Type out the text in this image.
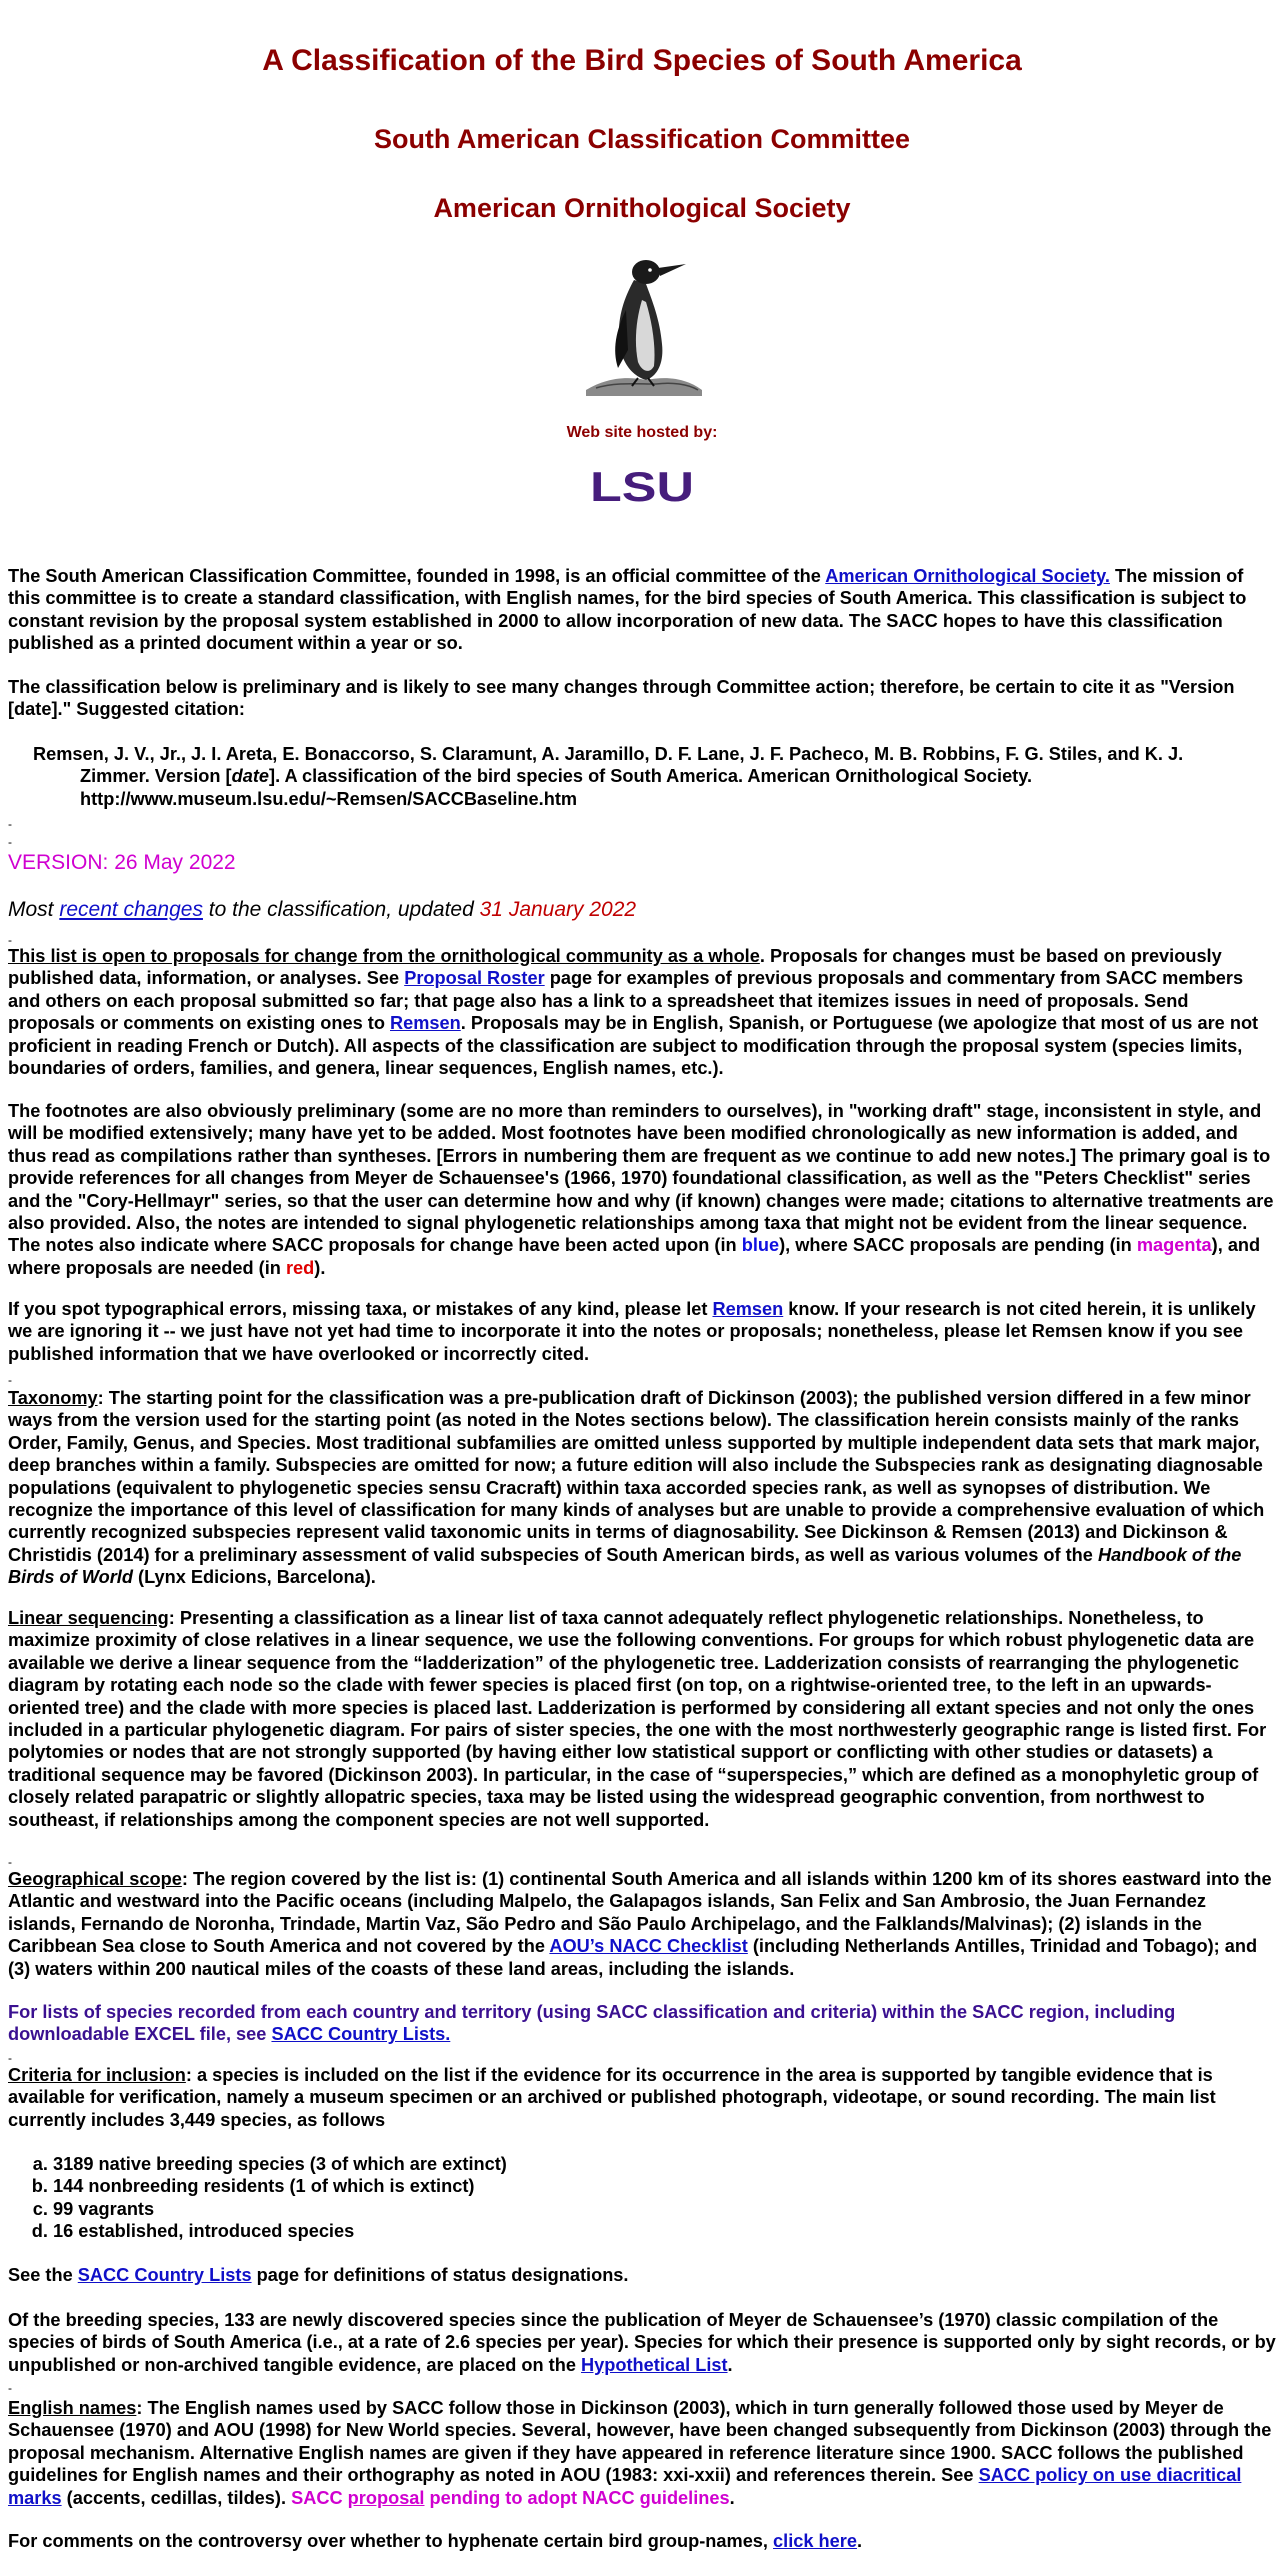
A Classification of the Bird Species of South America
South American Classification Committee
American Ornithological Society
Web site hosted by:
LSU
The South American Classification Committee, founded in 1998, is an official committee of the American Ornithological Society. The mission of this committee is to create a standard classification, with English names, for the bird species of South America. This classification is subject to constant revision by the proposal system established in 2000 to allow incorporation of new data. The SACC hopes to have this classification published as a printed document within a year or so.
The classification below is preliminary and is likely to see many changes through Committee action; therefore, be certain to cite it as "Version [date]." Suggested citation:
Remsen, J. V., Jr., J. I. Areta, E. Bonaccorso, S. Claramunt, A. Jaramillo, D. F. Lane, J. F. Pacheco, M. B. Robbins, F. G. Stiles, and K. J.
Zimmer. Version [date]. A classification of the bird species of South America. American Ornithological Society.
http://www.museum.lsu.edu/~Remsen/SACCBaseline.htm
-
-
VERSION: 26 May 2022
Most recent changes to the classification, updated 31 January 2022
-
This list is open to proposals for change from the ornithological community as a whole. Proposals for changes must be based on previously published data, information, or analyses. See Proposal Roster page for examples of previous proposals and commentary from SACC members and others on each proposal submitted so far; that page also has a link to a spreadsheet that itemizes issues in need of proposals. Send proposals or comments on existing ones to Remsen. Proposals may be in English, Spanish, or Portuguese (we apologize that most of us are not proficient in reading French or Dutch). All aspects of the classification are subject to modification through the proposal system (species limits, boundaries of orders, families, and genera, linear sequences, English names, etc.).
The footnotes are also obviously preliminary (some are no more than reminders to ourselves), in "working draft" stage, inconsistent in style, and will be modified extensively; many have yet to be added. Most footnotes have been modified chronologically as new information is added, and thus read as compilations rather than syntheses. [Errors in numbering them are frequent as we continue to add new notes.] The primary goal is to provide references for all changes from Meyer de Schauensee's (1966, 1970) foundational classification, as well as the "Peters Checklist" series and the "Cory-Hellmayr" series, so that the user can determine how and why (if known) changes were made; citations to alternative treatments are also provided. Also, the notes are intended to signal phylogenetic relationships among taxa that might not be evident from the linear sequence. The notes also indicate where SACC proposals for change have been acted upon (in blue), where SACC proposals are pending (in magenta), and where proposals are needed (in red).
If you spot typographical errors, missing taxa, or mistakes of any kind, please let Remsen know. If your research is not cited herein, it is unlikely we are ignoring it -- we just have not yet had time to incorporate it into the notes or proposals; nonetheless, please let Remsen know if you see published information that we have overlooked or incorrectly cited.
-
Taxonomy: The starting point for the classification was a pre-publication draft of Dickinson (2003); the published version differed in a few minor ways from the version used for the starting point (as noted in the Notes sections below). The classification herein consists mainly of the ranks Order, Family, Genus, and Species. Most traditional subfamilies are omitted unless supported by multiple independent data sets that mark major, deep branches within a family. Subspecies are omitted for now; a future edition will also include the Subspecies rank as designating diagnosable populations (equivalent to phylogenetic species sensu Cracraft) within taxa accorded species rank, as well as synopses of distribution. We recognize the importance of this level of classification for many kinds of analyses but are unable to provide a comprehensive evaluation of which currently recognized subspecies represent valid taxonomic units in terms of diagnosability. See Dickinson & Remsen (2013) and Dickinson & Christidis (2014) for a preliminary assessment of valid subspecies of South American birds, as well as various volumes of the Handbook of the Birds of World (Lynx Edicions, Barcelona).
Linear sequencing: Presenting a classification as a linear list of taxa cannot adequately reflect phylogenetic relationships. Nonetheless, to maximize proximity of close relatives in a linear sequence, we use the following conventions. For groups for which robust phylogenetic data are available we derive a linear sequence from the “ladderization” of the phylogenetic tree. Ladderization consists of rearranging the phylogenetic diagram by rotating each node so the clade with fewer species is placed first (on top, on a rightwise-oriented tree, to the left in an upwards-oriented tree) and the clade with more species is placed last. Ladderization is performed by considering all extant species and not only the ones included in a particular phylogenetic diagram. For pairs of sister species, the one with the most northwesterly geographic range is listed first. For polytomies or nodes that are not strongly supported (by having either low statistical support or conflicting with other studies or datasets) a traditional sequence may be favored (Dickinson 2003). In particular, in the case of “superspecies,” which are defined as a monophyletic group of closely related parapatric or slightly allopatric species, taxa may be listed using the widespread geographic convention, from northwest to southeast, if relationships among the component species are not well supported.
-
Geographical scope: The region covered by the list is: (1) continental South America and all islands within 1200 km of its shores eastward into the Atlantic and westward into the Pacific oceans (including Malpelo, the Galapagos islands, San Felix and San Ambrosio, the Juan Fernandez islands, Fernando de Noronha, Trindade, Martin Vaz, São Pedro and São Paulo Archipelago, and the Falklands/Malvinas); (2) islands in the Caribbean Sea close to South America and not covered by the AOU’s NACC Checklist (including Netherlands Antilles, Trinidad and Tobago); and (3) waters within 200 nautical miles of the coasts of these land areas, including the islands.
For lists of species recorded from each country and territory (using SACC classification and criteria) within the SACC region, including downloadable EXCEL file, see SACC Country Lists.
-
Criteria for inclusion: a species is included on the list if the evidence for its occurrence in the area is supported by tangible evidence that is available for verification, namely a museum specimen or an archived or published photograph, videotape, or sound recording. The main list currently includes 3,449 species, as follows
a. 3189 native breeding species (3 of which are extinct)
b. 144 nonbreeding residents (1 of which is extinct)
c. 99 vagrants
d. 16 established, introduced species
See the SACC Country Lists page for definitions of status designations.
Of the breeding species, 133 are newly discovered species since the publication of Meyer de Schauensee’s (1970) classic compilation of the species of birds of South America (i.e., at a rate of 2.6 species per year). Species for which their presence is supported only by sight records, or by unpublished or non-archived tangible evidence, are placed on the Hypothetical List.
-
English names: The English names used by SACC follow those in Dickinson (2003), which in turn generally followed those used by Meyer de Schauensee (1970) and AOU (1998) for New World species. Several, however, have been changed subsequently from Dickinson (2003) through the proposal mechanism. Alternative English names are given if they have appeared in reference literature since 1900. SACC follows the published guidelines for English names and their orthography as noted in AOU (1983: xxi-xxii) and references therein. See SACC policy on use diacritical marks (accents, cedillas, tildes). SACC proposal pending to adopt NACC guidelines.
For comments on the controversy over whether to hyphenate certain bird group-names, click here.
